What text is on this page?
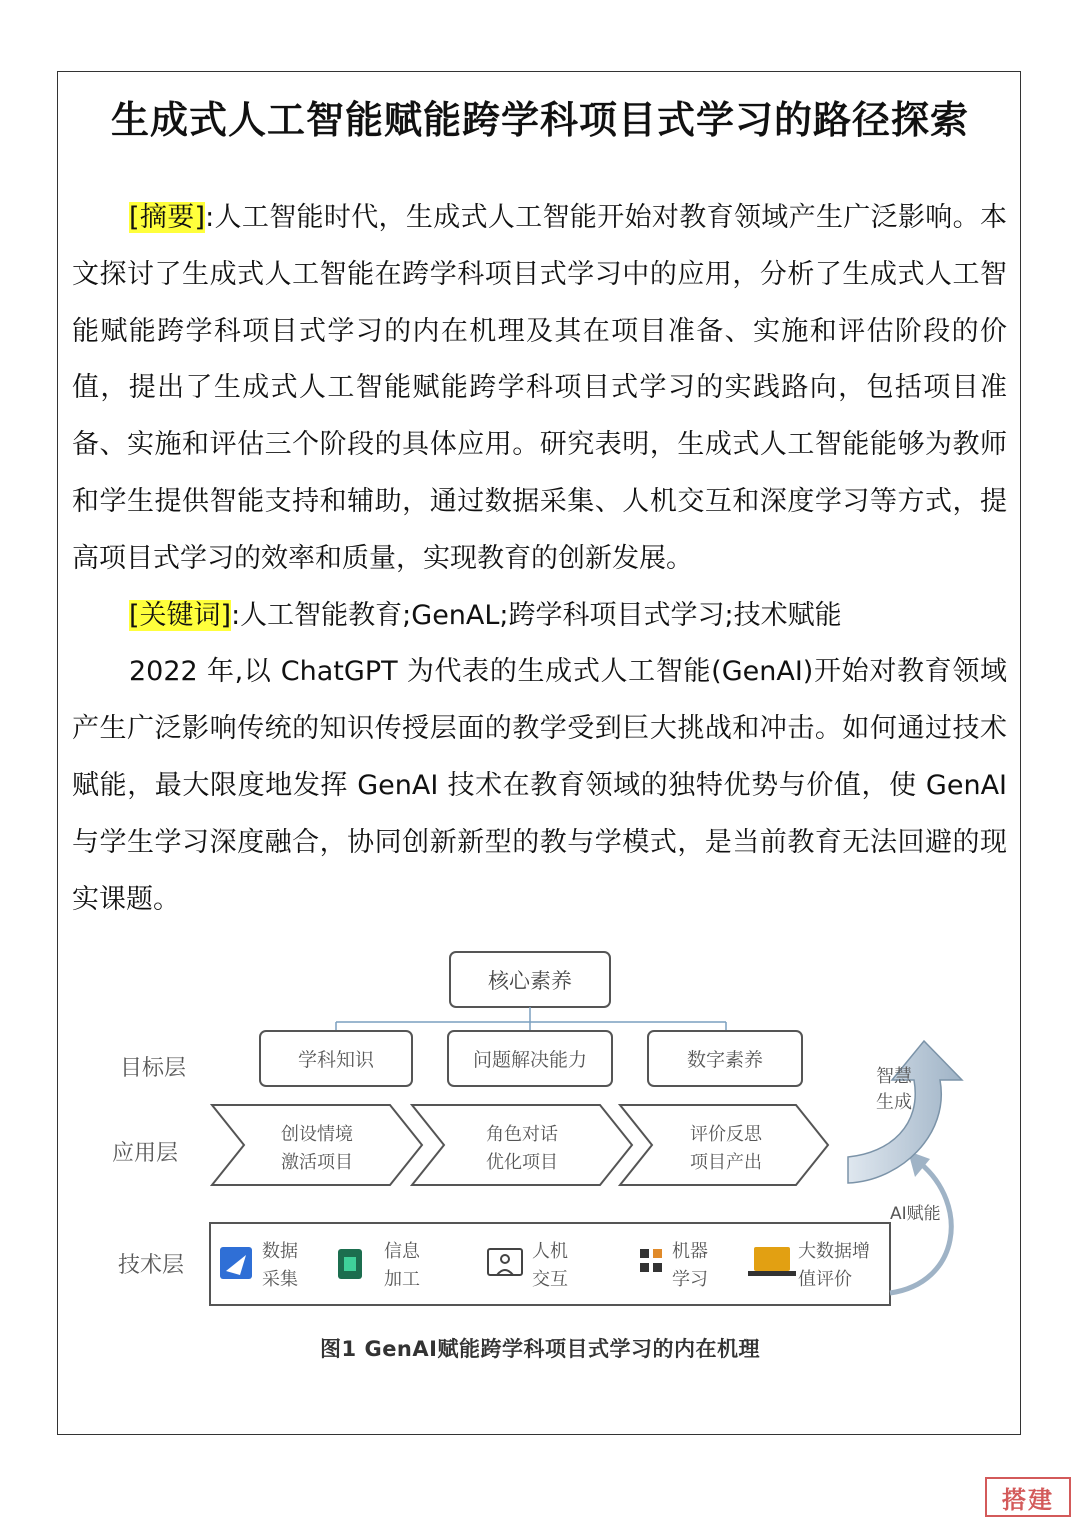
生成式人工智能赋能跨学科项目式学习的路径探索

[摘要]:人工智能时代，生成式人工智能开始对教育领域产生广泛影响。本文探讨了生成式人工智能在跨学科项目式学习中的应用，分析了生成式人工智能赋能跨学科项目式学习的内在机理及其在项目准备、实施和评估阶段的价值，提出了生成式人工智能赋能跨学科项目式学习的实践路向，包括项目准备、实施和评估三个阶段的具体应用。研究表明，生成式人工智能能够为教师和学生提供智能支持和辅助，通过数据采集、人机交互和深度学习等方式，提高项目式学习的效率和质量，实现教育的创新发展。

[关键词]:人工智能教育;GenAL;跨学科项目式学习;技术赋能

2022 年,以 ChatGPT 为代表的生成式人工智能(GenAI)开始对教育领域产生广泛影响传统的知识传授层面的教学受到巨大挑战和冲击。如何通过技术赋能，最大限度地发挥 GenAI 技术在教育领域的独特优势与价值，使 GenAI 与学生学习深度融合，协同创新新型的教与学模式，是当前教育无法回避的现实课题。

核心素养
目标层
应用层
技术层
学科知识	问题解决能力	数字素养
创设情境
激活项目
角色对话
优化项目
评价反思
项目产出
数据
采集
信息
加工
人机
交互
机器
学习
大数据增
值评价
智慧
生成
AI赋能
图1 GenAI赋能跨学科项目式学习的内在机理
搭建
